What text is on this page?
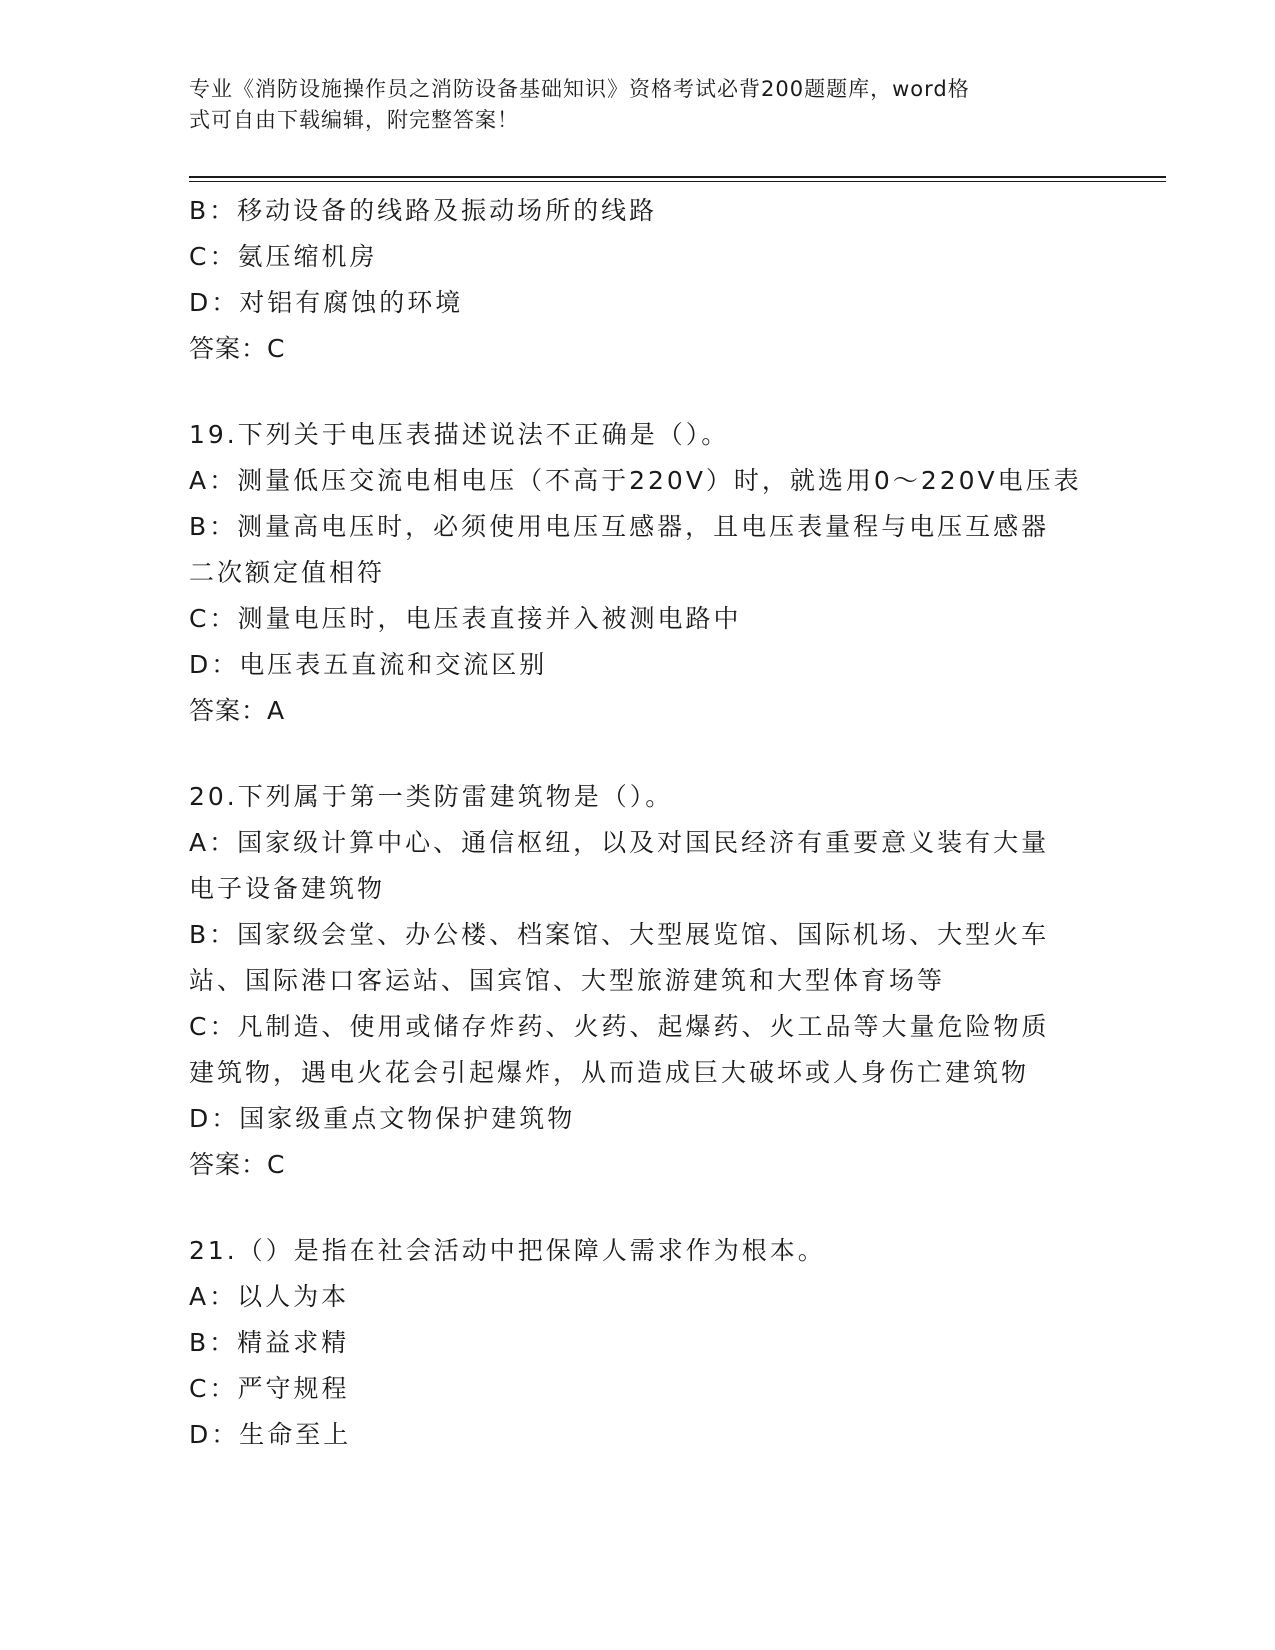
专业《消防设施操作员之消防设备基础知识》资格考试必背200题题库，word格
式可自由下载编辑，附完整答案！
B：移动设备的线路及振动场所的线路
C：氨压缩机房
D：对铝有腐蚀的环境
答案：C
19.下列关于电压表描述说法不正确是（）。
A：测量低压交流电相电压（不高于220V）时，就选用0～220V电压表
B：测量高电压时，必须使用电压互感器，且电压表量程与电压互感器
二次额定值相符
C：测量电压时，电压表直接并入被测电路中
D：电压表五直流和交流区别
答案：A
20.下列属于第一类防雷建筑物是（）。
A：国家级计算中心、通信枢纽，以及对国民经济有重要意义装有大量
电子设备建筑物
B：国家级会堂、办公楼、档案馆、大型展览馆、国际机场、大型火车
站、国际港口客运站、国宾馆、大型旅游建筑和大型体育场等
C：凡制造、使用或储存炸药、火药、起爆药、火工品等大量危险物质
建筑物，遇电火花会引起爆炸，从而造成巨大破坏或人身伤亡建筑物
D：国家级重点文物保护建筑物
答案：C
21.（）是指在社会活动中把保障人需求作为根本。
A：以人为本
B：精益求精
C：严守规程
D：生命至上
